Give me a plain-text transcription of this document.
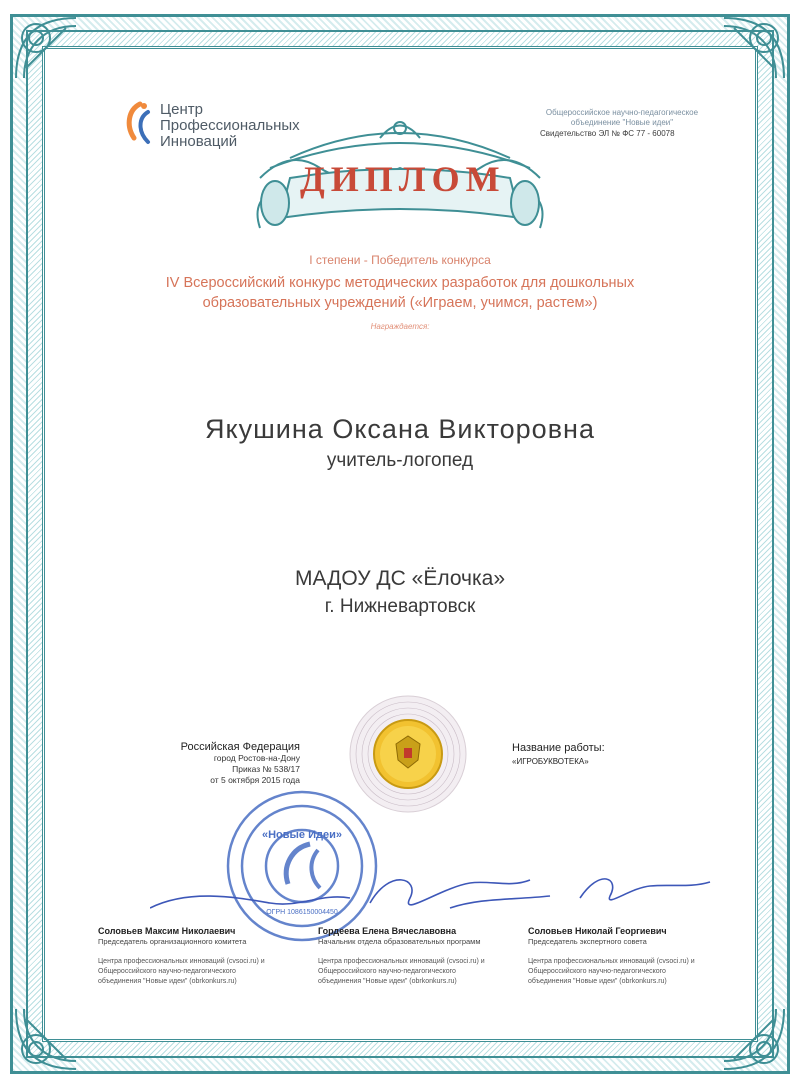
Центр
Профессиональных
Инноваций
Общероссийское научно-педагогическое
объединение "Новые идеи"
Свидетельство ЭЛ № ФС 77 - 60078
ДИПЛОМ
I степени - Победитель конкурса
IV Всероссийский конкурс методических разработок для дошкольных
образовательных учреждений («Играем, учимся, растем»)
Награждается:
Якушина Оксана Викторовна
учитель-логопед
МАДОУ ДС «Ёлочка»
г. Нижневартовск
Российская Федерация
город Ростов-на-Дону
Приказ № 538/17
от 5 октября 2015 года
Название работы:
«ИГРОБУКВОТЕКА»
«Новые Идеи»
ОГРН 1086150004450
Соловьев Максим Николаевич
Председатель организационного комитета
Центра профессиональных инноваций (cvsoci.ru) и
Общероссийского научно-педагогического
объединения "Новые идеи" (obrkonkurs.ru)
Гордеева Елена Вячеславовна
Начальник отдела образовательных программ
Центра профессиональных инноваций (cvsoci.ru) и
Общероссийского научно-педагогического
объединения "Новые идеи" (obrkonkurs.ru)
Соловьев Николай Георгиевич
Председатель экспертного совета
Центра профессиональных инноваций (cvsoci.ru) и
Общероссийского научно-педагогического
объединения "Новые идеи" (obrkonkurs.ru)
